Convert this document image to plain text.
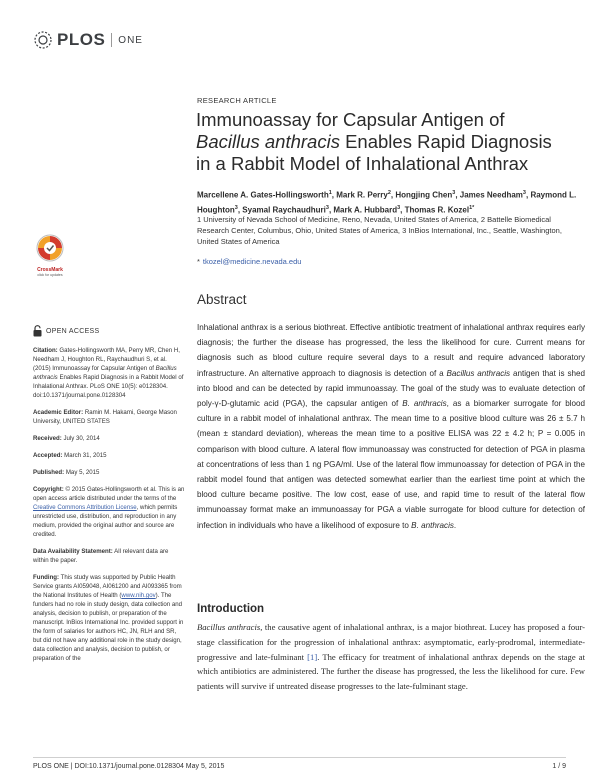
PLOS ONE
RESEARCH ARTICLE
Immunoassay for Capsular Antigen of
Bacillus anthracis Enables Rapid Diagnosis in a Rabbit Model of Inhalational Anthrax
Marcellene A. Gates-Hollingsworth$^1$, Mark R. Perry$^2$, Hongjing Chen$^3$, James Needham$^3$, Raymond L. Houghton$^3$, Syamal Raychaudhuri$^3$, Mark A. Hubbard$^3$, Thomas R. Kozel$^{1*}$
1 University of Nevada School of Medicine, Reno, Nevada, United States of America, 2 Battelle Biomedical Research Center, Columbus, Ohio, United States of America, 3 InBios International, Inc., Seattle, Washington, United States of America
* tkozel@medicine.nevada.edu
CrossMark
click for updates
Abstract
Inhalational anthrax is a serious biothreat. Effective antibiotic treatment of inhalational anthrax requires early diagnosis; the further the disease has progressed, the less the likelihood for cure. Current means for diagnosis such as blood culture require several days to a result and require advanced laboratory infrastructure. An alternative approach to diagnosis is detection of a Bacillus anthracis antigen that is shed into blood and can be detected by rapid immunoassay. The goal of the study was to evaluate detection of poly-γ-D-glutamic acid (PGA), the capsular antigen of B. anthracis, as a biomarker surrogate for blood culture in a rabbit model of inhalational anthrax. The mean time to a positive blood culture was 26 ± 5.7 h (mean ± standard deviation), whereas the mean time to a positive ELISA was 22 ± 4.2 h; P = 0.005 in comparison with blood culture. A lateral flow immunoassay was constructed for detection of PGA in plasma at concentrations of less than 1 ng PGA/ml. Use of the lateral flow immunoassay for detection of PGA in the rabbit model found that antigen was detected somewhat earlier than the earliest time point at which the blood culture became positive. The low cost, ease of use, and rapid time to result of the lateral flow immunoassay format make an immunoassay for PGA a viable surrogate for blood culture for detection of infection in individuals who have a likelihood of exposure to B. anthracis.
Introduction
Bacillus anthracis, the causative agent of inhalational anthrax, is a major biothreat. Lucey has proposed a four-stage classification for the progression of inhalational anthrax: asymptomatic, early-prodromal, intermediate-progressive and late-fulminant [1]. The efficacy for treatment of inhalational anthrax depends on the stage at which antibiotics are administered. The further the disease has progressed, the less the likelihood for cure. Few patients will survive if untreated disease progresses to the late-fulminant stage.
OPEN ACCESS

Citation: Gates-Hollingsworth MA, Perry MR, Chen H, Needham J, Houghton RL, Raychaudhuri S, et al. (2015) Immunoassay for Capsular Antigen of Bacillus anthracis Enables Rapid Diagnosis in a Rabbit Model of Inhalational Anthrax. PLoS ONE 10(5): e0128304. doi:10.1371/journal.pone.0128304

Academic Editor: Ramin M. Hakami, George Mason University, UNITED STATES

Received: July 30, 2014

Accepted: March 31, 2015

Published: May 5, 2015

Copyright: © 2015 Gates-Hollingsworth et al. This is an open access article distributed under the terms of the Creative Commons Attribution License, which permits unrestricted use, distribution, and reproduction in any medium, provided the original author and source are credited.

Data Availability Statement: All relevant data are within the paper.

Funding: This study was supported by Public Health Service grants AI059048, AI061200 and AI093365 from the National Institutes of Health (www.nih.gov). The funders had no role in study design, data collection and analysis, decision to publish, or preparation of the manuscript. InBios International Inc. provided support in the form of salaries for authors HC, JN, RLH and SR, but did not have any additional role in the study design, data collection and analysis, decision to publish, or preparation of the

PLOS ONE | DOI:10.1371/journal.pone.0128304 May 5, 2015	1 / 9
